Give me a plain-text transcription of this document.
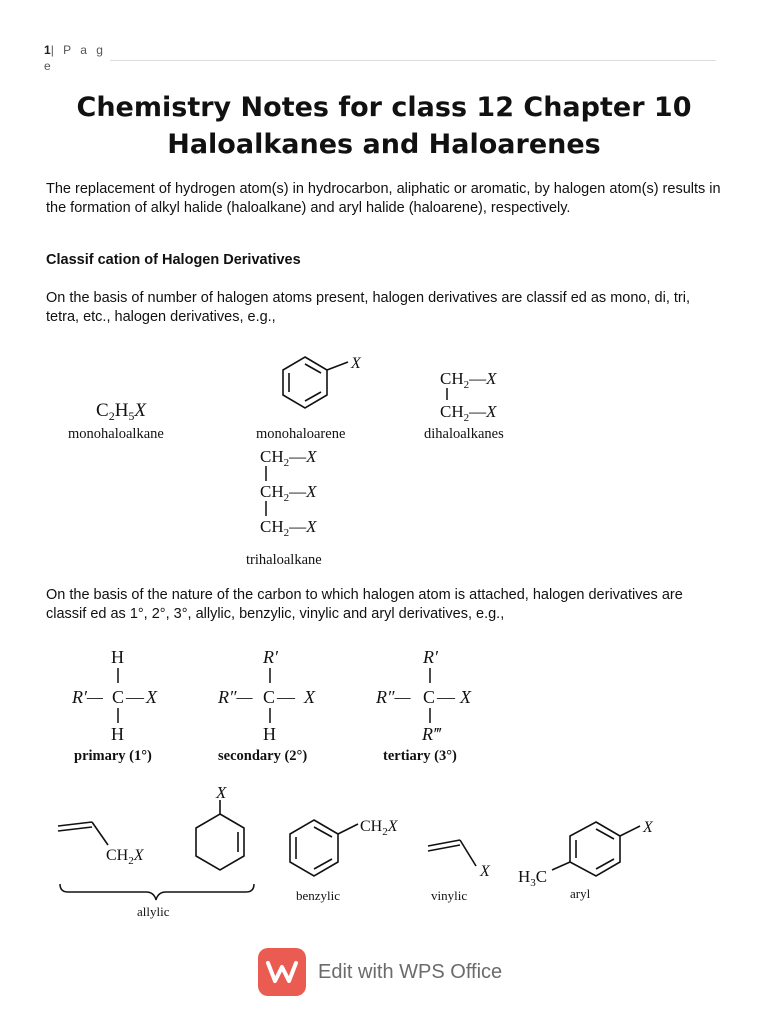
1| P a g e
Chemistry Notes for class 12 Chapter 10
Haloalkanes and Haloarenes
The replacement of hydrogen atom(s) in hydrocarbon, aliphatic or aromatic, by halogen atom(s) results in the formation of alkyl halide (haloalkane) and aryl halide (haloarene), respectively.
Classif cation of Halogen Derivatives
On the basis of number of halogen atoms present, halogen derivatives are classif ed as mono, di, tri, tetra, etc., halogen derivatives, e.g.,
$C_2H_5X$
monohaloalkane
X
monohaloarene
$CH_2—X$
$CH_2—X$
dihaloalkanes
$CH_2—X$
$CH_2—X$
$CH_2—X$
trihaloalkane
On the basis of the nature of the carbon to which halogen atom is attached, halogen derivatives are classif ed as 1°, 2°, 3°, allylic, benzylic, vinylic and aryl derivatives, e.g.,
H
R′— C — X
H
R′
R″— C — X
H
R′
R″— C — X
R‴
primary (1°)	secondary (2°)	tertiary (3°)
$CH_2X$
X
allylic
$CH_2X$
benzylic
X
vinylic
$H_3C$
X
aryl
Edit with WPS Office
